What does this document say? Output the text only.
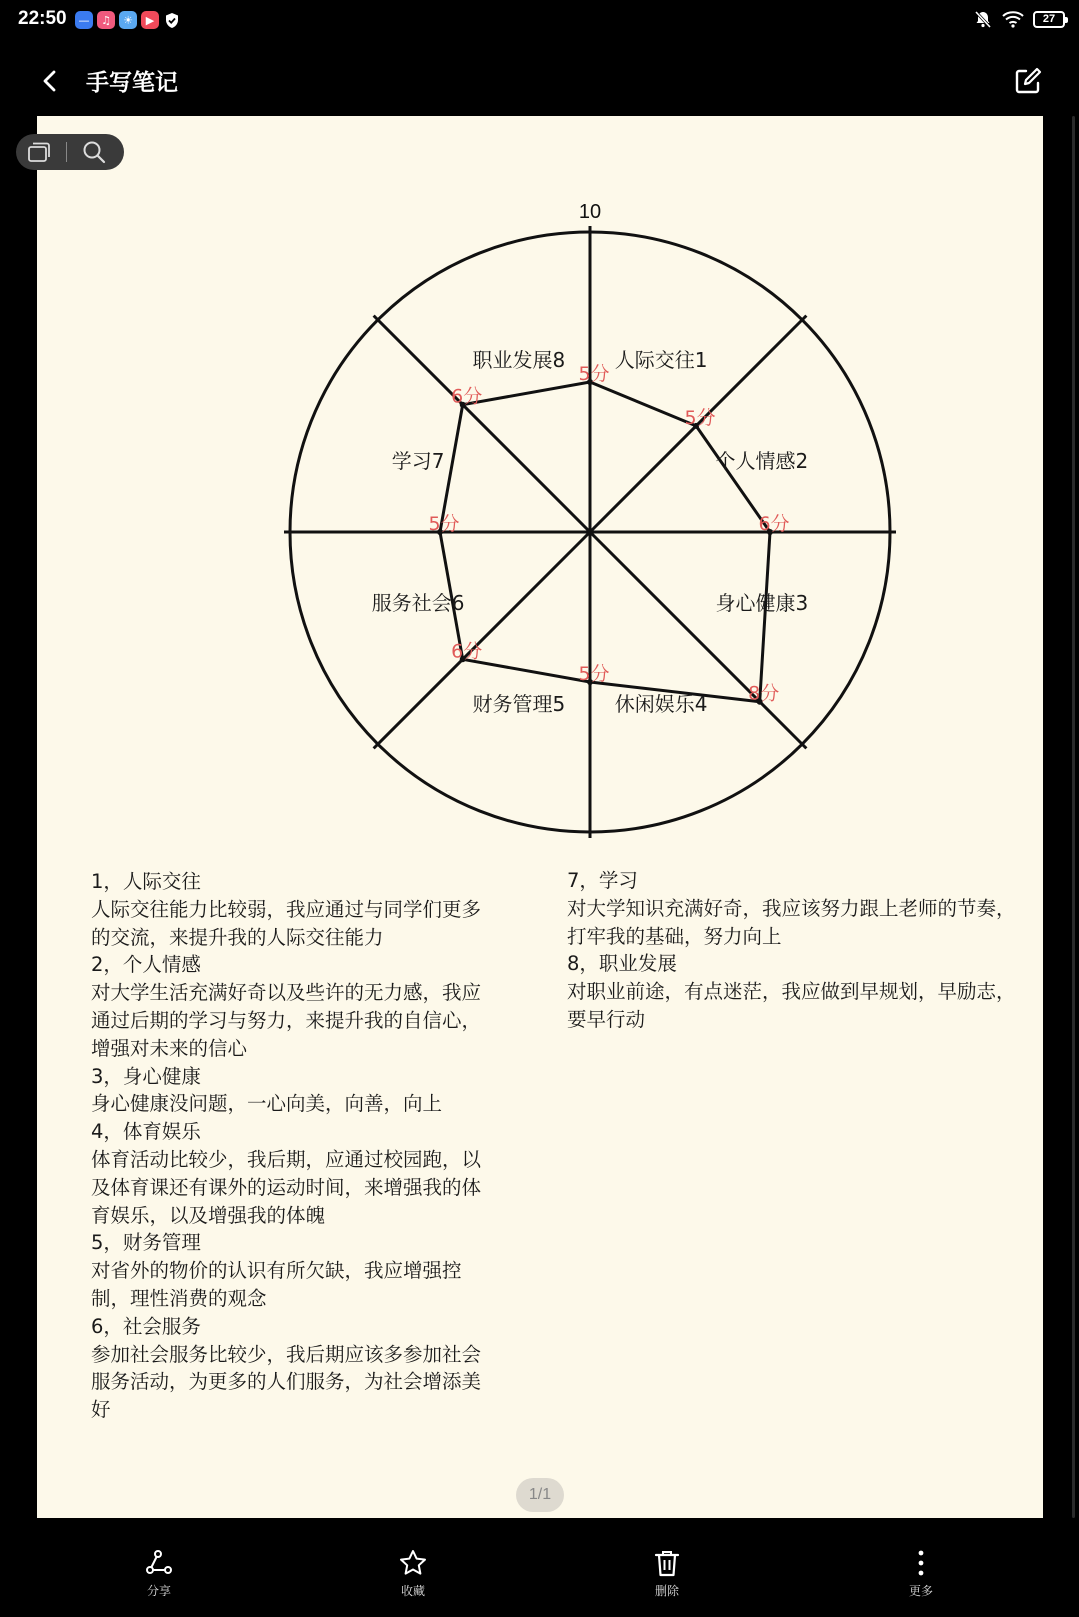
22:50	—	♫	☀	▶	27
手写笔记
5分
5分
6分
8分
5分
6分
5分
6分
人际交往1
个人情感2
身心健康3
休闲娱乐4
财务管理5
服务社会6
学习7
职业发展8
10
1，人际交往
人际交往能力比较弱，我应通过与同学们更多
的交流，来提升我的人际交往能力
2，个人情感
对大学生活充满好奇以及些许的无力感，我应
通过后期的学习与努力，来提升我的自信心，
增强对未来的信心
3，身心健康
身心健康没问题，一心向美，向善，向上
4，体育娱乐
体育活动比较少，我后期，应通过校园跑，以
及体育课还有课外的运动时间，来增强我的体
育娱乐，以及增强我的体魄
5，财务管理
对省外的物价的认识有所欠缺，我应增强控
制，理性消费的观念
6，社会服务
参加社会服务比较少，我后期应该多参加社会
服务活动，为更多的人们服务，为社会增添美
好
7，学习
对大学知识充满好奇，我应该努力跟上老师的节奏，
打牢我的基础，努力向上
8，职业发展
对职业前途，有点迷茫，我应做到早规划，早励志，
要早行动
1/1
分享	收藏	删除	更多
